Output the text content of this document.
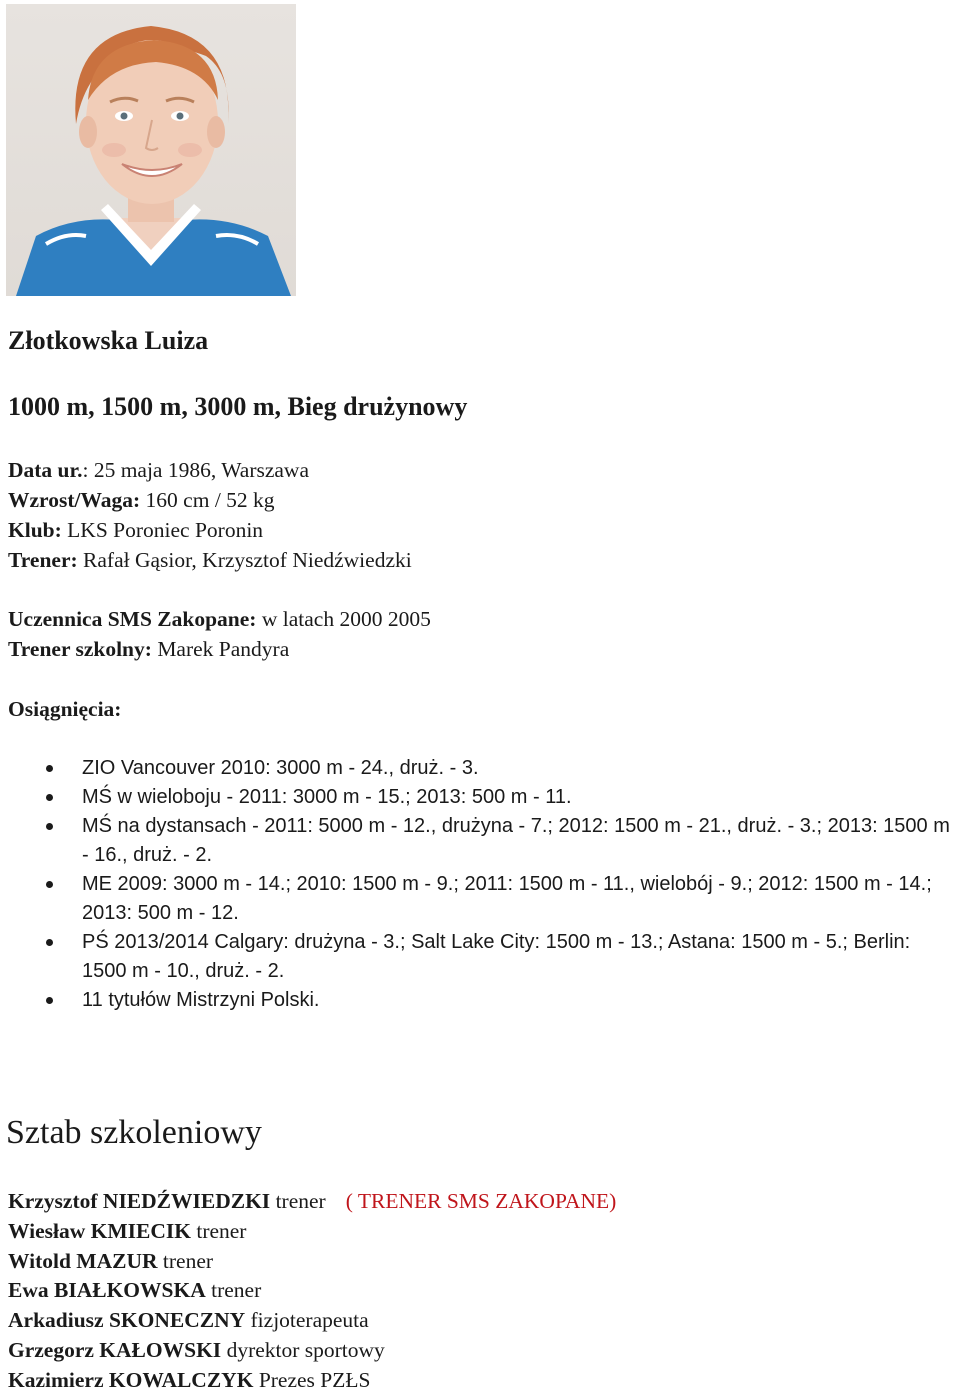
Złotkowska Luiza
1000 m, 1500 m, 3000 m, Bieg drużynowy
Data ur.: 25 maja 1986, Warszawa
Wzrost/Waga: 160 cm / 52 kg
Klub: LKS Poroniec Poronin
Trener: Rafał Gąsior, Krzysztof Niedźwiedzki
Uczennica SMS Zakopane: w latach 2000 2005
Trener szkolny: Marek Pandyra
Osiągnięcia:
ZIO Vancouver 2010: 3000 m - 24., druż. - 3.
MŚ w wieloboju - 2011: 3000 m - 15.; 2013: 500 m - 11.
MŚ na dystansach - 2011: 5000 m - 12., drużyna - 7.; 2012: 1500 m - 21., druż. - 3.; 2013: 1500 m - 16., druż. - 2.
ME 2009: 3000 m - 14.; 2010: 1500 m - 9.; 2011: 1500 m - 11., wielobój - 9.; 2012: 1500 m - 14.; 2013: 500 m - 12.
PŚ 2013/2014 Calgary: drużyna - 3.; Salt Lake City: 1500 m - 13.; Astana: 1500 m - 5.; Berlin: 1500 m - 10., druż. - 2.
11 tytułów Mistrzyni Polski.
Sztab szkoleniowy
Krzysztof NIEDŹWIEDZKI trener ( TRENER SMS ZAKOPANE)
Wiesław KMIECIK trener
Witold MAZUR trener
Ewa BIAŁKOWSKA trener
Arkadiusz SKONECZNY fizjoterapeuta
Grzegorz KAŁOWSKI dyrektor sportowy
Kazimierz KOWALCZYK Prezes PZŁS
